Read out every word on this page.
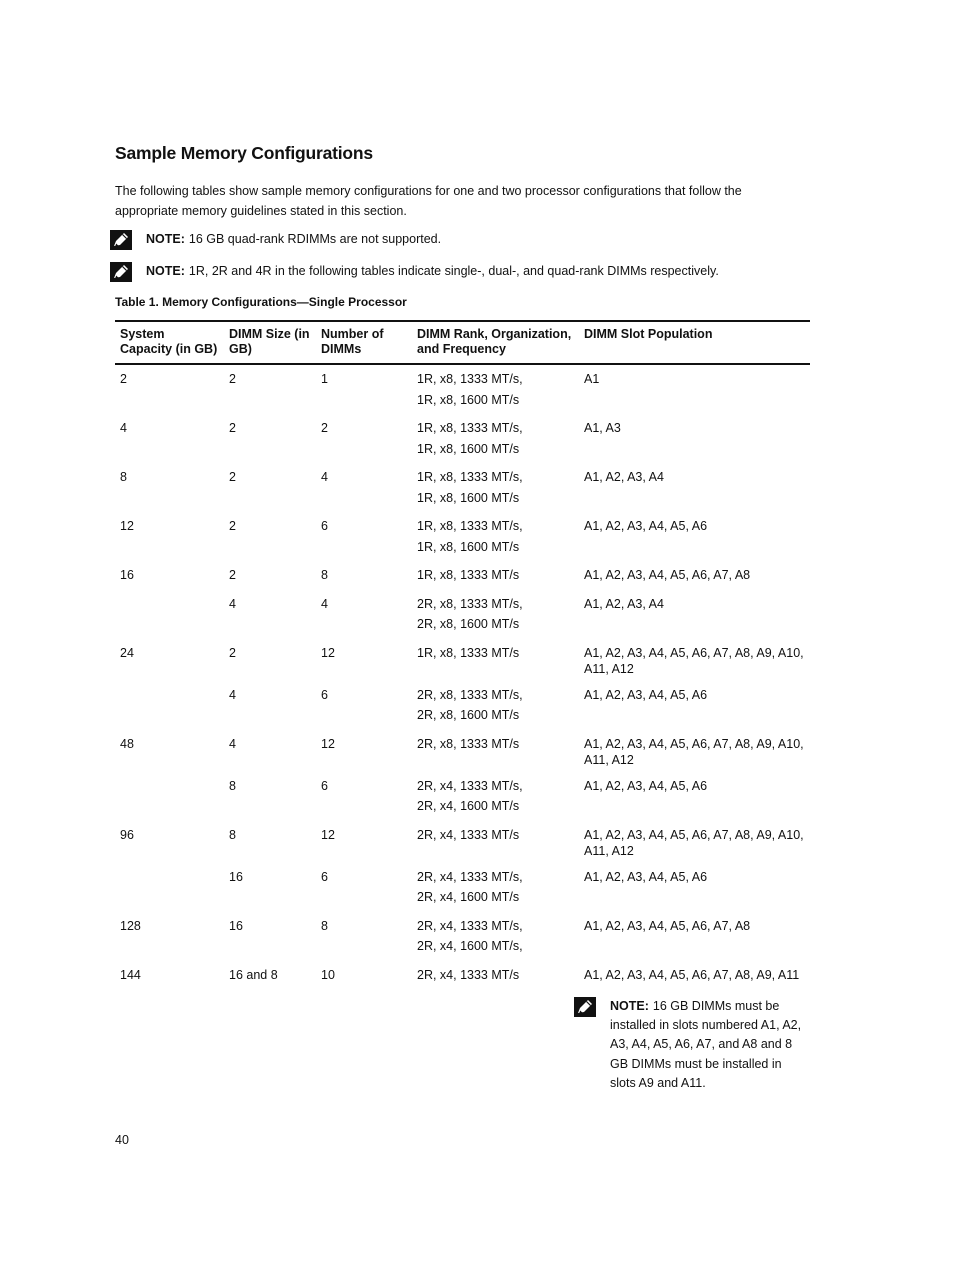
Sample Memory Configurations

The following tables show sample memory configurations for one and two processor configurations that follow the appropriate memory guidelines stated in this section.

NOTE: 16 GB quad-rank RDIMMs are not supported.
NOTE: 1R, 2R and 4R in the following tables indicate single-, dual-, and quad-rank DIMMs respectively.

Table 1. Memory Configurations—Single Processor

System Capacity (in GB)	DIMM Size (in GB)	Number of DIMMs	DIMM Rank, Organization, and Frequency	DIMM Slot Population
2	2	1	1R, x8, 1333 MT/s,
1R, x8, 1600 MT/s	A1

4	2	2	1R, x8, 1333 MT/s,
1R, x8, 1600 MT/s	A1, A3

8	2	4	1R, x8, 1333 MT/s,
1R, x8, 1600 MT/s	A1, A2, A3, A4

12	2	6	1R, x8, 1333 MT/s,
1R, x8, 1600 MT/s	A1, A2, A3, A4, A5, A6

16	2	8	1R, x8, 1333 MT/s	A1, A2, A3, A4, A5, A6, A7, A8

	4	4	2R, x8, 1333 MT/s,
2R, x8, 1600 MT/s	A1, A2, A3, A4

24	2	12	1R, x8, 1333 MT/s	A1, A2, A3, A4, A5, A6, A7, A8, A9, A10, A11, A12

	4	6	2R, x8, 1333 MT/s,
2R, x8, 1600 MT/s	A1, A2, A3, A4, A5, A6

48	4	12	2R, x8, 1333 MT/s	A1, A2, A3, A4, A5, A6, A7, A8, A9, A10, A11, A12

	8	6	2R, x4, 1333 MT/s,
2R, x4, 1600 MT/s	A1, A2, A3, A4, A5, A6

96	8	12	2R, x4, 1333 MT/s	A1, A2, A3, A4, A5, A6, A7, A8, A9, A10, A11, A12

	16	6	2R, x4, 1333 MT/s,
2R, x4, 1600 MT/s	A1, A2, A3, A4, A5, A6

128	16	8	2R, x4, 1333 MT/s,
2R, x4, 1600 MT/s,	A1, A2, A3, A4, A5, A6, A7, A8

144	16 and 8	10	2R, x4, 1333 MT/s	A1, A2, A3, A4, A5, A6, A7, A8, A9, A11
NOTE: 16 GB DIMMs must be installed in slots numbered A1, A2, A3, A4, A5, A6, A7, and A8 and 8 GB DIMMs must be installed in slots A9 and A11.
40
